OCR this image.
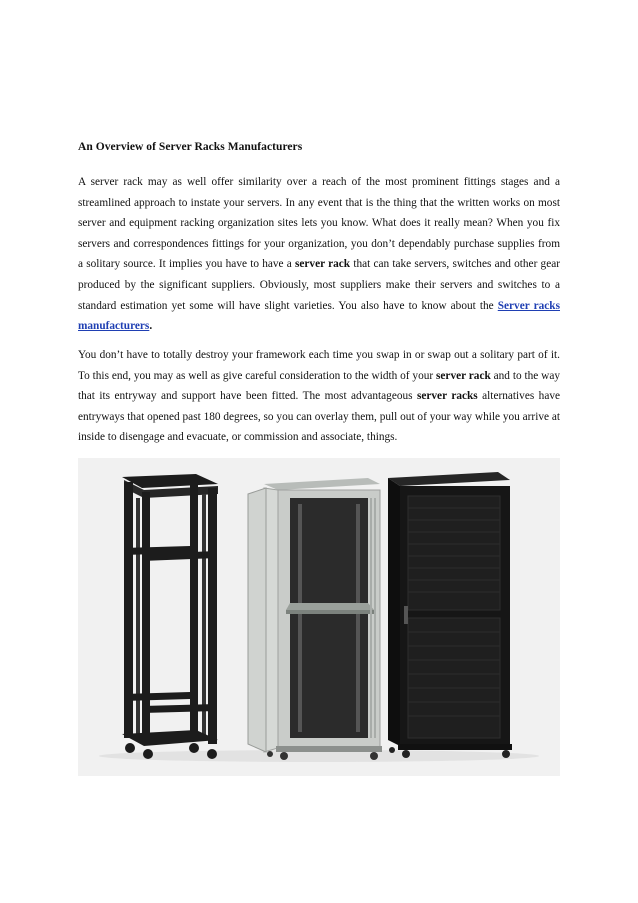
An Overview of Server Racks Manufacturers
A server rack may as well offer similarity over a reach of the most prominent fittings stages and a streamlined approach to instate your servers. In any event that is the thing that the written works on most server and equipment racking organization sites lets you know. What does it really mean? When you fix servers and correspondences fittings for your organization, you don’t dependably purchase supplies from a solitary source. It implies you have to have a server rack that can take servers, switches and other gear produced by the significant suppliers. Obviously, most suppliers make their servers and switches to a standard estimation yet some will have slight varieties. You also have to know about the Server racks manufacturers.
You don’t have to totally destroy your framework each time you swap in or swap out a solitary part of it. To this end, you may as well as give careful consideration to the width of your server rack and to the way that its entryway and support have been fitted. The most advantageous server racks alternatives have entryways that opened past 180 degrees, so you can overlay them, pull out of your way while you arrive at inside to disengage and evacuate, or commission and associate, things.
